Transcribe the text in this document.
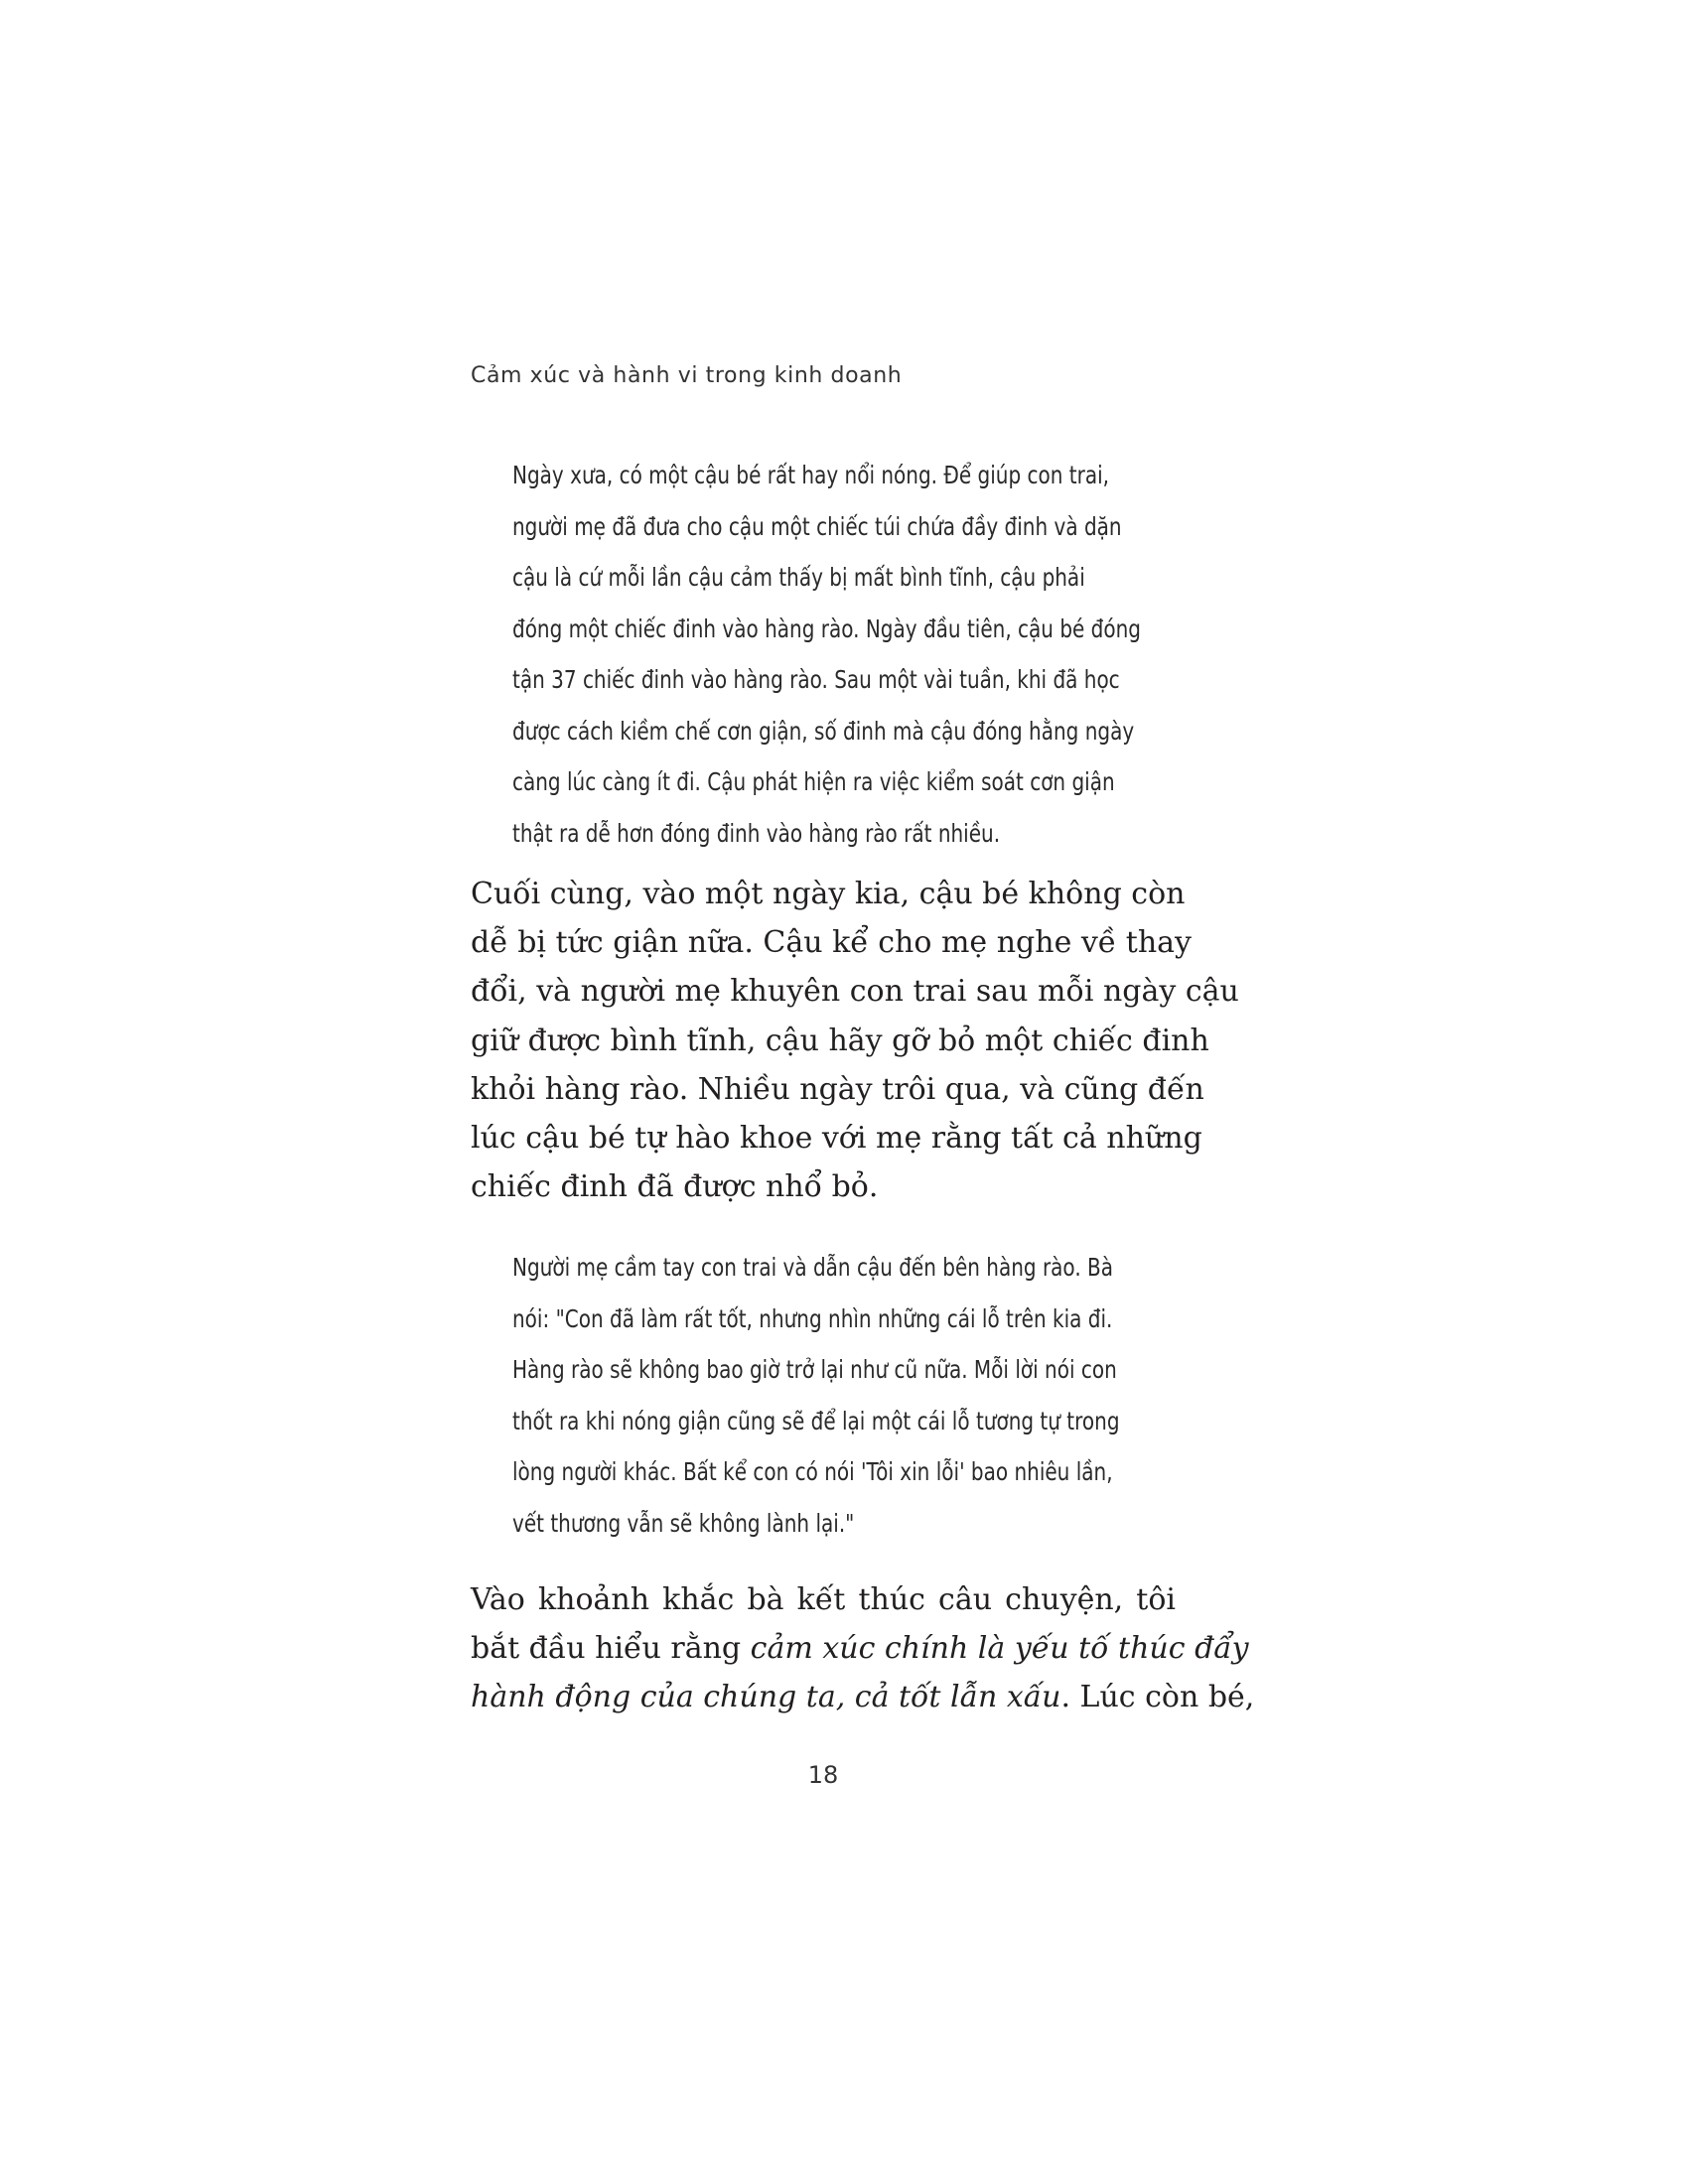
Cảm xúc và hành vi trong kinh doanh
Ngày xưa, có một cậu bé rất hay nổi nóng. Để giúp con trai,
người mẹ đã đưa cho cậu một chiếc túi chứa đầy đinh và dặn
cậu là cứ mỗi lần cậu cảm thấy bị mất bình tĩnh, cậu phải
đóng một chiếc đinh vào hàng rào. Ngày đầu tiên, cậu bé đóng
tận 37 chiếc đinh vào hàng rào. Sau một vài tuần, khi đã học
được cách kiềm chế cơn giận, số đinh mà cậu đóng hằng ngày
càng lúc càng ít đi. Cậu phát hiện ra việc kiểm soát cơn giận
thật ra dễ hơn đóng đinh vào hàng rào rất nhiều.
Cuối cùng, vào một ngày kia, cậu bé không còn
dễ bị tức giận nữa. Cậu kể cho mẹ nghe về thay
đổi, và người mẹ khuyên con trai sau mỗi ngày cậu
giữ được bình tĩnh, cậu hãy gỡ bỏ một chiếc đinh
khỏi hàng rào. Nhiều ngày trôi qua, và cũng đến
lúc cậu bé tự hào khoe với mẹ rằng tất cả những
chiếc đinh đã được nhổ bỏ.
Người mẹ cầm tay con trai và dẫn cậu đến bên hàng rào. Bà
nói: "Con đã làm rất tốt, nhưng nhìn những cái lỗ trên kia đi.
Hàng rào sẽ không bao giờ trở lại như cũ nữa. Mỗi lời nói con
thốt ra khi nóng giận cũng sẽ để lại một cái lỗ tương tự trong
lòng người khác. Bất kể con có nói 'Tôi xin lỗi' bao nhiêu lần,
vết thương vẫn sẽ không lành lại."
Vào khoảnh khắc bà kết thúc câu chuyện, tôi
bắt đầu hiểu rằng cảm xúc chính là yếu tố thúc đẩy
hành động của chúng ta, cả tốt lẫn xấu. Lúc còn bé,
18
